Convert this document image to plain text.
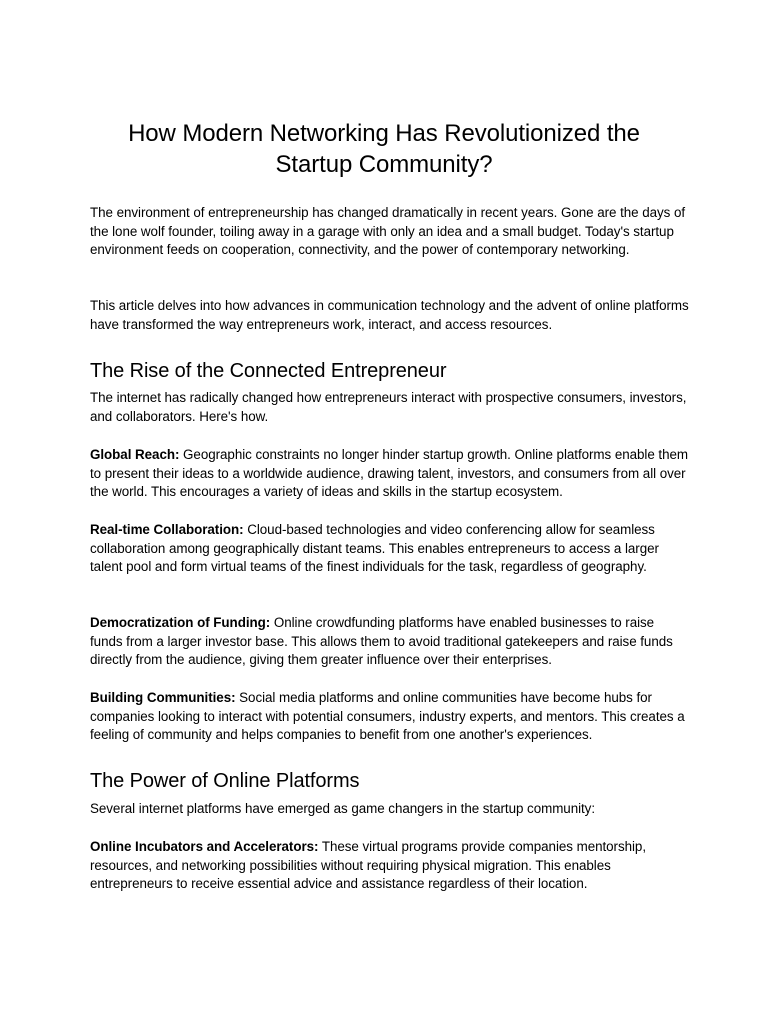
How Modern Networking Has Revolutionized the Startup Community?

The environment of entrepreneurship has changed dramatically in recent years. Gone are the days of the lone wolf founder, toiling away in a garage with only an idea and a small budget. Today's startup environment feeds on cooperation, connectivity, and the power of contemporary networking.

This article delves into how advances in communication technology and the advent of online platforms have transformed the way entrepreneurs work, interact, and access resources.

The Rise of the Connected Entrepreneur

The internet has radically changed how entrepreneurs interact with prospective consumers, investors, and collaborators. Here's how.

Global Reach: Geographic constraints no longer hinder startup growth. Online platforms enable them to present their ideas to a worldwide audience, drawing talent, investors, and consumers from all over the world. This encourages a variety of ideas and skills in the startup ecosystem.

Real-time Collaboration: Cloud-based technologies and video conferencing allow for seamless collaboration among geographically distant teams. This enables entrepreneurs to access a larger talent pool and form virtual teams of the finest individuals for the task, regardless of geography.

Democratization of Funding: Online crowdfunding platforms have enabled businesses to raise funds from a larger investor base. This allows them to avoid traditional gatekeepers and raise funds directly from the audience, giving them greater influence over their enterprises.

Building Communities: Social media platforms and online communities have become hubs for companies looking to interact with potential consumers, industry experts, and mentors. This creates a feeling of community and helps companies to benefit from one another's experiences.

The Power of Online Platforms

Several internet platforms have emerged as game changers in the startup community:

Online Incubators and Accelerators: These virtual programs provide companies mentorship, resources, and networking possibilities without requiring physical migration. This enables entrepreneurs to receive essential advice and assistance regardless of their location.
